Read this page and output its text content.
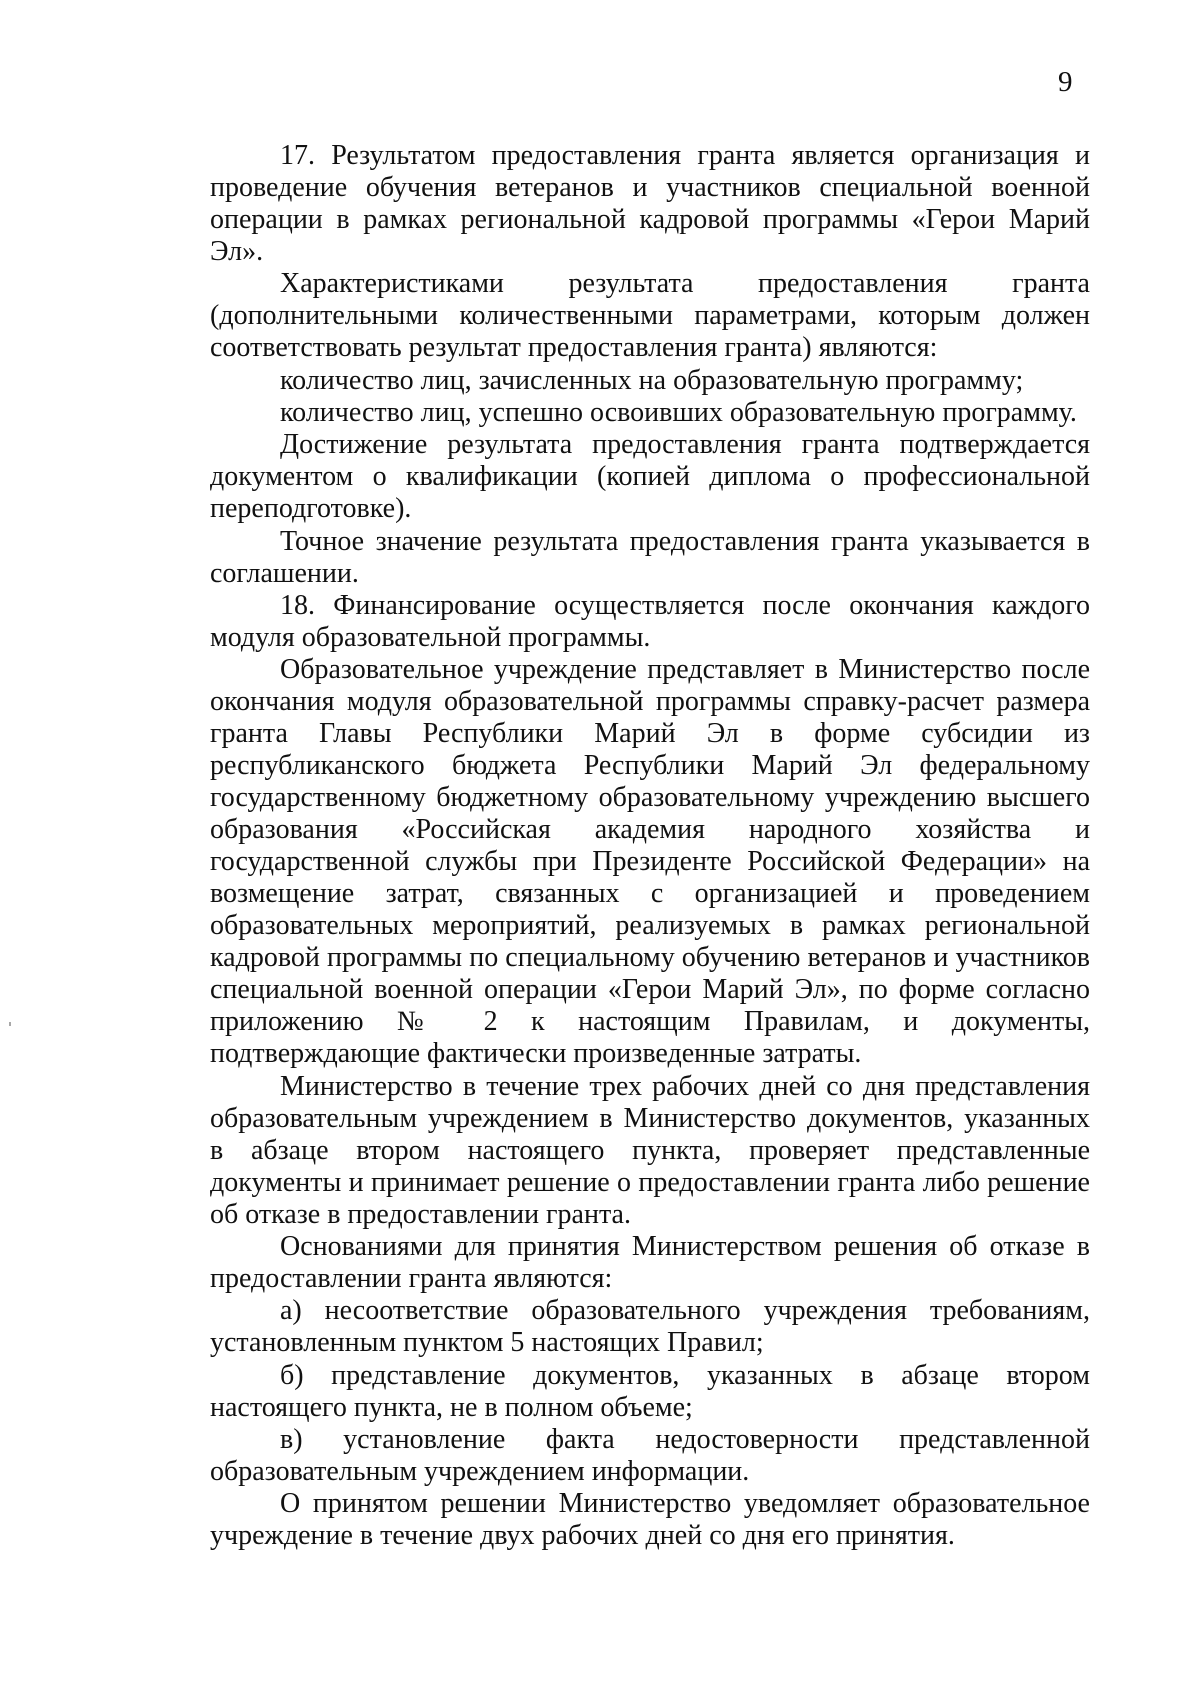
9

17. Результатом предоставления гранта является организация и проведение обучения ветеранов и участников специальной военной операции в рамках региональной кадровой программы «Герои Марий Эл».

Характеристиками результата предоставления гранта (дополнительными количественными параметрами, которым должен соответствовать результат предоставления гранта) являются:

количество лиц, зачисленных на образовательную программу;

количество лиц, успешно освоивших образовательную программу.

Достижение результата предоставления гранта подтверждается документом о квалификации (копией диплома о профессиональной переподготовке).

Точное значение результата предоставления гранта указывается в соглашении.

18. Финансирование осуществляется после окончания каждого модуля образовательной программы.

Образовательное учреждение представляет в Министерство после окончания модуля образовательной программы справку-расчет размера гранта Главы Республики Марий Эл в форме субсидии из республиканского бюджета Республики Марий Эл федеральному государственному бюджетному образовательному учреждению высшего образования «Российская академия народного хозяйства и государственной службы при Президенте Российской Федерации» на возмещение затрат, связанных с организацией и проведением образовательных мероприятий, реализуемых в рамках региональной кадровой программы по специальному обучению ветеранов и участников специальной военной операции «Герои Марий Эл», по форме согласно приложению № 2 к настоящим Правилам, и документы, подтверждающие фактически произведенные затраты.

Министерство в течение трех рабочих дней со дня представления образовательным учреждением в Министерство документов, указанных в абзаце втором настоящего пункта, проверяет представленные документы и принимает решение о предоставлении гранта либо решение об отказе в предоставлении гранта.

Основаниями для принятия Министерством решения об отказе в предоставлении гранта являются:

а) несоответствие образовательного учреждения требованиям, установленным пунктом 5 настоящих Правил;

б) представление документов, указанных в абзаце втором настоящего пункта, не в полном объеме;

в) установление факта недостоверности представленной образовательным учреждением информации.

О принятом решении Министерство уведомляет образовательное учреждение в течение двух рабочих дней со дня его принятия.
